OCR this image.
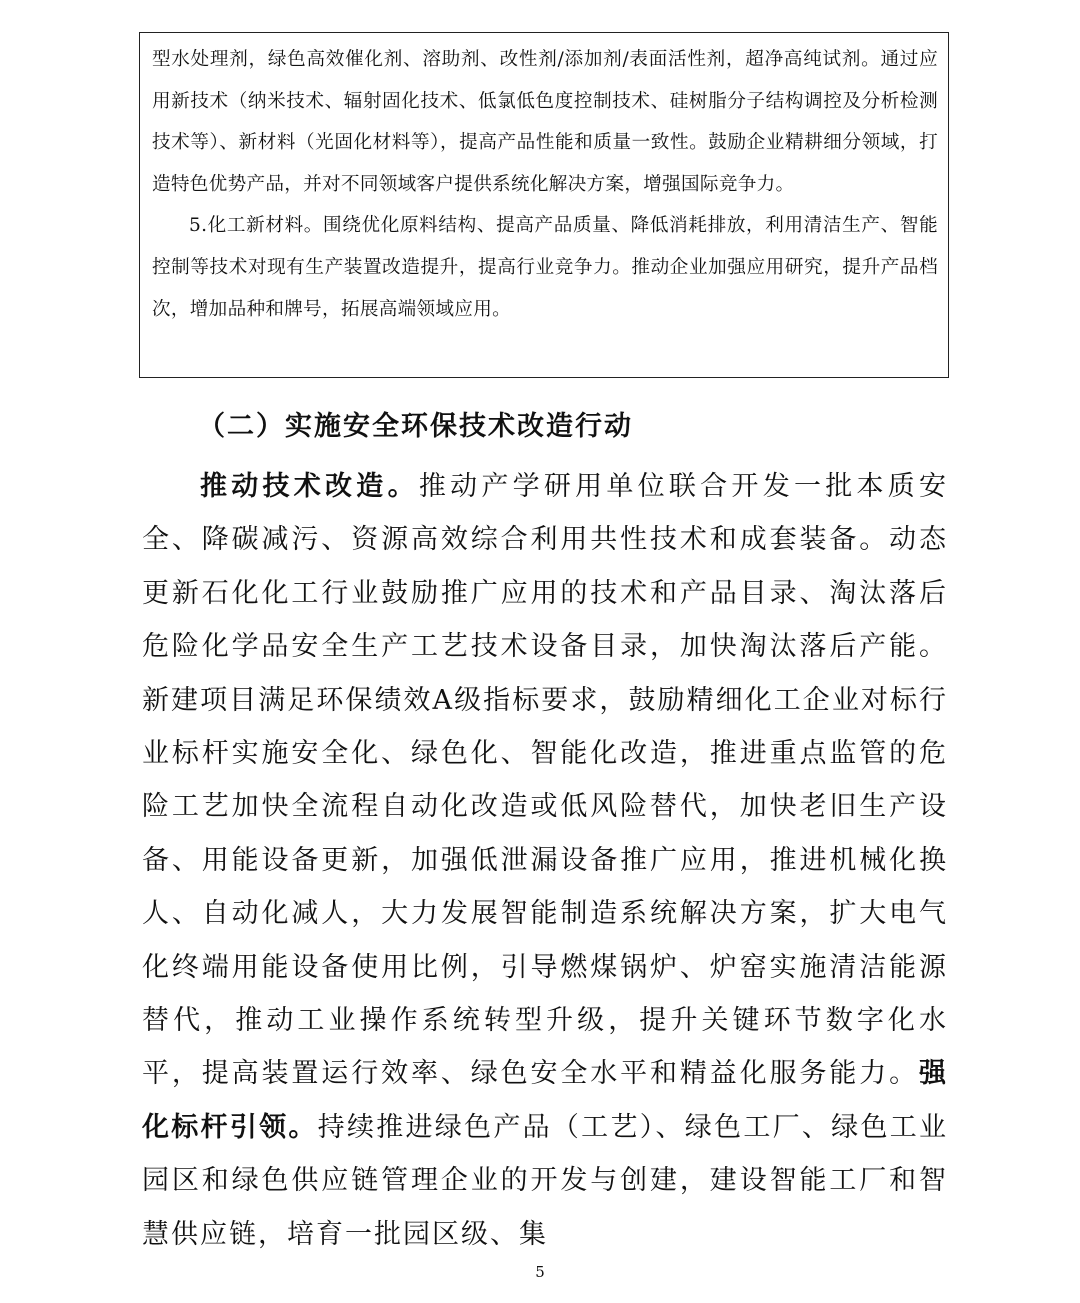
型水处理剂，绿色高效催化剂、溶助剂、改性剂/添加剂/表面活性剂，超净高纯试剂。通过应用新技术（纳米技术、辐射固化技术、低氯低色度控制技术、硅树脂分子结构调控及分析检测技术等）、新材料（光固化材料等），提高产品性能和质量一致性。鼓励企业精耕细分领域，打造特色优势产品，并对不同领域客户提供系统化解决方案，增强国际竞争力。

5.化工新材料。围绕优化原料结构、提高产品质量、降低消耗排放，利用清洁生产、智能控制等技术对现有生产装置改造提升，提高行业竞争力。推动企业加强应用研究，提升产品档次，增加品种和牌号，拓展高端领域应用。

（二）实施安全环保技术改造行动

推动技术改造。推动产学研用单位联合开发一批本质安全、降碳减污、资源高效综合利用共性技术和成套装备。动态更新石化化工行业鼓励推广应用的技术和产品目录、淘汰落后危险化学品安全生产工艺技术设备目录，加快淘汰落后产能。新建项目满足环保绩效A级指标要求，鼓励精细化工企业对标行业标杆实施安全化、绿色化、智能化改造，推进重点监管的危险工艺加快全流程自动化改造或低风险替代，加快老旧生产设备、用能设备更新，加强低泄漏设备推广应用，推进机械化换人、自动化减人，大力发展智能制造系统解决方案，扩大电气化终端用能设备使用比例，引导燃煤锅炉、炉窑实施清洁能源替代，推动工业操作系统转型升级，提升关键环节数字化水平，提高装置运行效率、绿色安全水平和精益化服务能力。强化标杆引领。持续推进绿色产品（工艺）、绿色工厂、绿色工业园区和绿色供应链管理企业的开发与创建，建设智能工厂和智慧供应链，培育一批园区级、集

5
